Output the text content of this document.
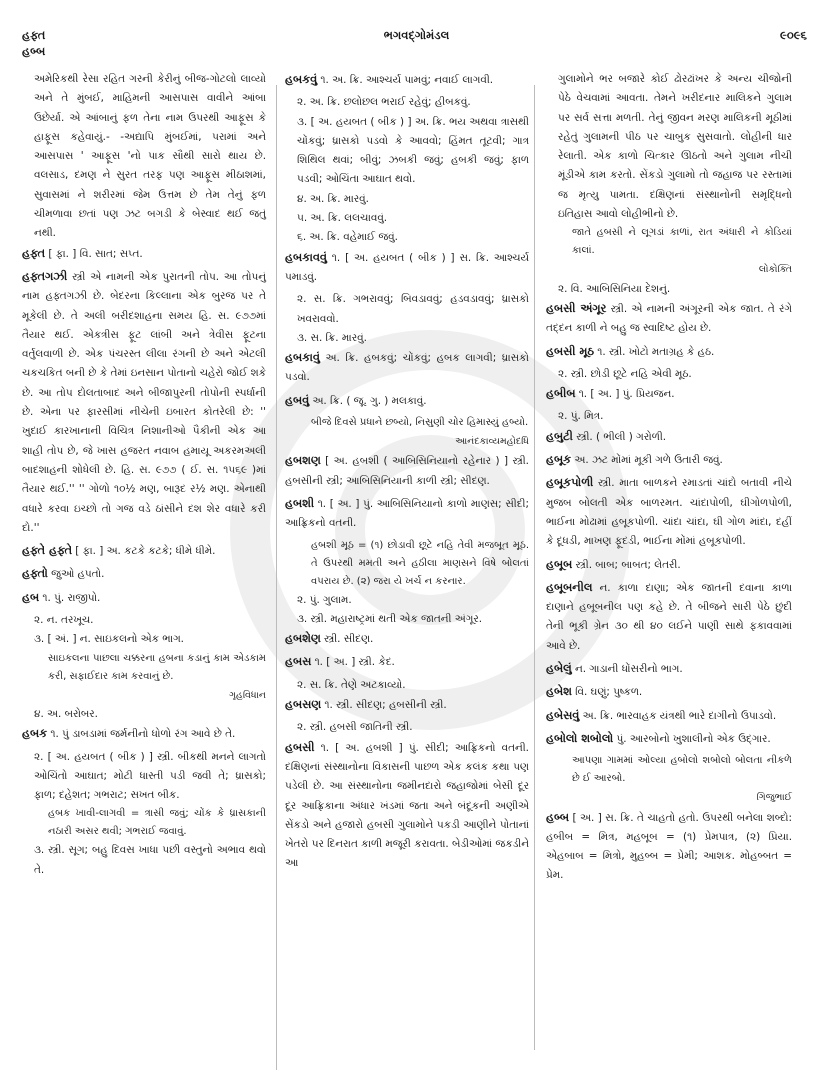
હફ્ત
હબ્બ
ભગવદ્ગોમંડલ	૯૦૯૬
અમેરિકથી રેસા રહિત ગરની કેરીનું બીજ-ગોટલો લાવ્યો અને તે મુંબઈ, માહિમની આસપાસ વાવીને આંબા ઉછેર્યા. એ આંબાનું ફળ તેના નામ ઉપરથી આફૂસ કે હાફૂસ કહેવાયું.- -અદ્યાપિ મુંબઈમાં, પરામાં અને આસપાસ ' આફૂસ 'નો પાક સૌથી સારો થાય છે. વલસાડ, દમણ ને સુરત તરફ પણ આફૂસ મીઠાશમાં, સુવાસમાં ને શરીરમાં જેમ ઉત્તમ છે તેમ તેનું ફળ ચીમળાવા છતાં પણ ઝટ બગડી કે બેસ્વાદ થઈ જતું નથી.
હફ્ત [ ફા. ] વિ. સાત; સપ્ત.
હફ્તગઝી સ્ત્રી એ નામની એક પુરાતની તોપ. આ તોપનું નામ હફ્તગઝી છે. બેદરના કિલ્લાના એક બુરજ પર તે મૂકેલી છે. તે અલી બરીદશાહના સમય હિ. સ. ૯૭૭માં તૈયાર થઈ. એકત્રીસ ફૂટ લાંબી અને ત્રેવીસ ફૂટના વર્તુલવાળી છે. એક પંચરસ્ત લીલા રંગની છે અને એટલી ચકચકિત બની છે કે તેમાં ઇનસાન પોતાનો ચહેરો જોઈ શકે છે. આ તોપ દોલતાબાદ અને બીજાપુરની તોપોની સ્પર્ધાની છે. એના પર ફારસીમાં નીચેની ઇબારત કોતરેલી છે: '' ખુદાઈ કારખાનાની વિચિત્ર નિશાનીઓ પૈકીની એક આ શાહી તોપ છે, જે ખાસ હજરત નવાબ હમાયૂ અકરમઅલી બાદશાહની શોધેલી છે. હિ. સ. ૯૭૭ ( ઈ. સ. ૧૫૬૯ )માં તૈયાર થઈ.'' '' ગોળો ૧૦½ મણ, બારૂદ ર½ મણ. એનાથી વધારે કરવા ઇચ્છો તો ગજ વડે ઠાંસીને દશ શેર વધારે કરી દો.''
હફ્તે હફ્તે [ ફા. ] અ. કટકે કટકે; ધીમે ધીમે.
હફ્તો જુઓ હપતો.
હબ ૧. પું. રાજીપો.
૨. ન. તરખૂચ.
૩. [ અં. ] ન. સાઇકલનો એક ભાગ.
સાઇકલના પાછલા ચક્કરના હબના કડાનું કામ એડકામ કરી, સફાઈદાર કામ કરવાનું છે.
ગૃહવિધાન
૪. અ. બરોબર.
હબક ૧. પું ડાબડામાં જર્મનીનો ધોળો રંગ આવે છે તે.
૨. [ અ. હયબત ( બીક ) ] સ્ત્રી. બીકથી મનને લાગતો ઓચિંતો આઘાત; મોટી ધાસ્તી પડી જવી તે; ધ્રાસકો; ફાળ; દહેશત; ગભરાટ; સખત બીક.
હબક ખાવી-લાગવી = ત્રાસી જવું; ચોંક કે ધ્રાસકાની નઠારી અસર થવી; ગભરાઈ જવાવું.
૩. સ્ત્રી. સૂગ; બહુ દિવસ ખાધા પછી વસ્તુનો અભાવ થવો તે.
હબકવું ૧. અ. ક્રિ. આશ્ચર્ય પામવું; નવાઈ લાગવી.
૨. અ. ક્રિ. છલોછલ ભરાઈ રહેવું; હીબકવું.
૩. [ અ. હયબત ( બીક ) ] અ. ક્રિ. ભય અથવા ત્રાસથી ચોંકવું; ધ્રાસકો પડવો કે આવવો; હિંમત તૂટવી; ગાત્ર શિથિલ થવાં; બીવું; ઝબકી જવું; હબકી જવું; ફાળ પડવી; ઓચિંતા આઘાત થવો.
૪. અ. ક્રિ. મારવું.
૫. અ. ક્રિ. લલચાવવું.
૬. અ. ક્રિ. વહેમાઈ જવું.
હબકાવવું ૧. [ અ. હયબત ( બીક ) ] સ. ક્રિ. આશ્ચર્ય પમાડવું.
૨. સ. ક્રિ. ગભરાવવું; બિવડાવવું; હડવડાવવું; ધ્રાસકો ખવરાવવો.
૩. સ. ક્રિ. મારવું.
હબકાવું અ. ક્રિ. હબકવું; ચોંકવું; હબક લાગવી; ધ્રાસકો પડવો.
હબવું અ. ક્રિ. ( જૂ. ગુ. ) મલકાવું.
બીજે દિવસે પ્રધાને છબ્યો, નિસુણી ચોર હિમાસ્યું હબ્યો.
આનંદકાવ્યમહોદધિ
હબશણ [ અ. હબશી ( આબિસિનિયાનો રહેનાર ) ] સ્ત્રી. હબસીની સ્ત્રી; આબિસિનિયાની કાળી સ્ત્રી; સીદણ.
હબશી ૧. [ અ. ] પું. આબિસિનિયાનો કાળો માણસ; સીદી; આફ્રિકનો વતની.
હબશી મૂઠ = (૧) છોડાવી છૂટે નહિ તેવી મજબૂત મૂઠ. તે ઉપરથી મમતી અને હઠીલા માણસને વિષે બોલતાં વપરાય છે. (૨) જરા યે ખર્ચ ન કરનાર.
૨. પું. ગુલામ.
૩. સ્ત્રી. મહારાષ્ટ્રમાં થતી એક જાતની અંગૂર.
હબશેણ સ્ત્રી. સીદણ.
હબસ ૧. [ અ. ] સ્ત્રી. કેદ.
૨. સ. ક્રિ. તેણે અટકાવ્યો.
હબસણ ૧. સ્ત્રી. સીદણ; હબસીની સ્ત્રી.
૨. સ્ત્રી. હબસી જાતિની સ્ત્રી.
હબસી ૧. [ અ. હબશી ] પું. સીદી; આફ્રિકનો વતની. દક્ષિણનાં સંસ્થાનોના વિકાસની પાછળ એક કલંક કથા પણ પડેલી છે. આ સંસ્થાનોના જમીનદારો જહાજોમાં બેસી દૂર દૂર આફ્રિકાના અંધાર ખંડમાં જતા અને બંદૂકની અણીએ સેંકડો અને હજારો હબસી ગુલામોને પકડી આણીને પોતાનાં ખેતરો પર દિનરાત કાળી મજૂરી કરાવતા. બેડીઓમાં જકડીને આ
ગુલામોને ભર બજારે કોઈ ઢોરઢાંખર કે અન્ય ચીજોની પેઠે વેચવામાં આવતા. તેમને ખરીદનાર માલિકને ગુલામ પર સર્વ સત્તા મળતી. તેનું જીવન મરણ માલિકની મૂઠીમાં રહેતું ગુલામની પીઠ પર ચાબુક સુસવાતો. લોહીની ધાર રેલાતી. એક કાળો ચિત્કાર ઊઠતો અને ગુલામ નીચી મૂંડીએ કામ કરતો. સેંકડો ગુલામો તો જહાજ પર રસ્તામાં જ મૃત્યુ પામતા. દક્ષિણનાં સંસ્થાનોની સમૃદ્ધિનો ઇતિહાસ આવો લોહીભીનો છે.
જાતે હબસી ને લૂગડાં કાળાં, રાત અંધારી ને કોડિયાં કાલાં.
લોકોક્તિ
૨. વિ. આબિસિનિયા દેશનું.
હબસી અંગૂર સ્ત્રી. એ નામની અંગૂરની એક જાત. તે રંગે તદ્દન કાળી ને બહુ જ સ્વાદિષ્ટ હોય છે.
હબસી મૂઠ ૧. સ્ત્રી. ખોટો મતાગ્રહ કે હઠ.
૨. સ્ત્રી. છોડી છૂટે નહિ એવી મૂઠ.
હબીબ ૧. [ અ. ] પું. પ્રિયજન.
૨. પું. મિત્ર.
હબુટી સ્ત્રી. ( ભીલી ) ગરોળી.
હબૂક અ. ઝટ મોંમાં મૂકી ગળે ઉતારી જવું.
હબૂકપોળી સ્ત્રી. માતા બાળકને રમાડતાં ચાંદો બતાવી નીચે મુજબ બોલતી એક બાળરમત. ચાંદાપોળી, ઘીગોળપોળી, ભાઈના મોઢામાં હબૂકપોળી. ચાંદા ચાંદા, ઘી ગોળ માંદા, દહીં કે દૂધડી, માખણ ફૂદડી, ભાઈના મોંમાં હબૂકપોળી.
હબૂબ સ્ત્રી. બાબ; બાબત; લેતરી.
હબૂબનીલ ન. કાળા દાણા; એક જાતની દવાના કાળા દાણાને હબૂબનીલ પણ કહે છે. તે બીજને સારી પેઠે છુંદી તેની ભૂકી ગ્રેન ૩૦ થી ૪૦ લઈને પાણી સાથે ફકાવવામાં આવે છે.
હબેલું ન. ગાડાની ધોંસરીનો ભાગ.
હબેશ વિ. ઘણું; પુષ્કળ.
હબેસવું અ. ક્રિ. ભારવાહક યંત્રથી ભારે દાગીનો ઉપાડવો.
હબોલો શબોલો પું. આરબોનો ખુશાલીનો એક ઉદ્ગાર.
આપણા ગામમાં ઓલ્યા હબોલો શબોલો બોલતા નીકળે છે ઈ આરબો.
ગિજુભાઈ
હબ્બ [ અ. ] સ. ક્રિ. તે ચાહતો હતો. ઉપરથી બનેલા શબ્દો: હબીબ = મિત્ર, મહબૂબ = (૧) પ્રેમપાત્ર, (૨) પ્રિયા. એહબાબ = મિત્રો, મુહબ્બ = પ્રેમી; આશક. મોહબ્બત = પ્રેમ.
